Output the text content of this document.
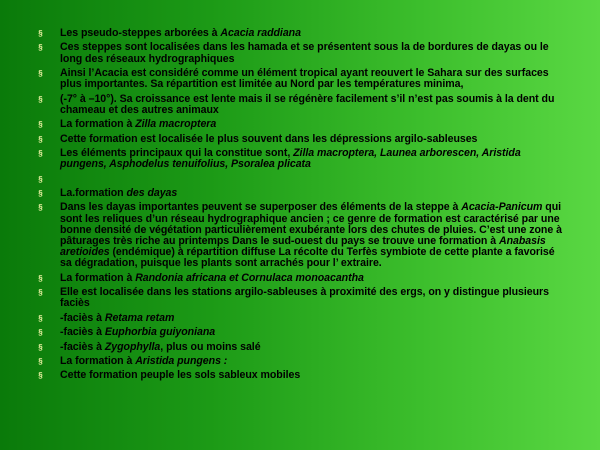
§ Les pseudo-steppes arborées à Acacia raddiana
§ Ces steppes sont localisées dans les hamada et se présentent sous la de bordures de dayas ou le long des réseaux hydrographiques
§ Ainsi l’Acacia est considéré comme un élément tropical ayant reouvert le Sahara sur des surfaces plus importantes. Sa répartition est limitée au Nord par les températures minima,
§ (-7° à –10°). Sa croissance est lente mais il se régénère facilement s’il n’est pas soumis à la dent du chameau et des autres animaux
§ La formation à Zilla macroptera
§ Cette formation est localisée le plus souvent dans les dépressions argilo-sableuses
§ Les éléments principaux qui la constitue sont, Zilla macroptera, Launea arborescen, Aristida pungens, Asphodelus tenuifolius, Psoralea plicata
§

§ La.formation des dayas
§ Dans les dayas importantes peuvent se superposer des éléments de la steppe à Acacia-Panicum qui sont les reliques d’un réseau hydrographique ancien ; ce genre de formation est caractérisé par une bonne densité de végétation particulièrement exubérante lors des chutes de pluies. C’est une zone à pâturages très riche au printemps Dans le sud-ouest du pays se trouve une formation à Anabasis aretioides (endémique) à répartition diffuse La récolte du Terfès symbiote de cette plante a favorisé sa dégradation, puisque les plants sont arrachés pour l’ extraire.
§ La formation à Randonia africana et Cornulaca monoacantha
§ Elle est localisée dans les stations argilo-sableuses à proximité des ergs, on y distingue plusieurs faciès
§ -faciès à Retama retam
§ -faciès à Euphorbia guiyoniana
§ -faciès à Zygophylla, plus ou moins salé
§ La formation à Aristida pungens :
§ Cette formation peuple les sols sableux mobiles
